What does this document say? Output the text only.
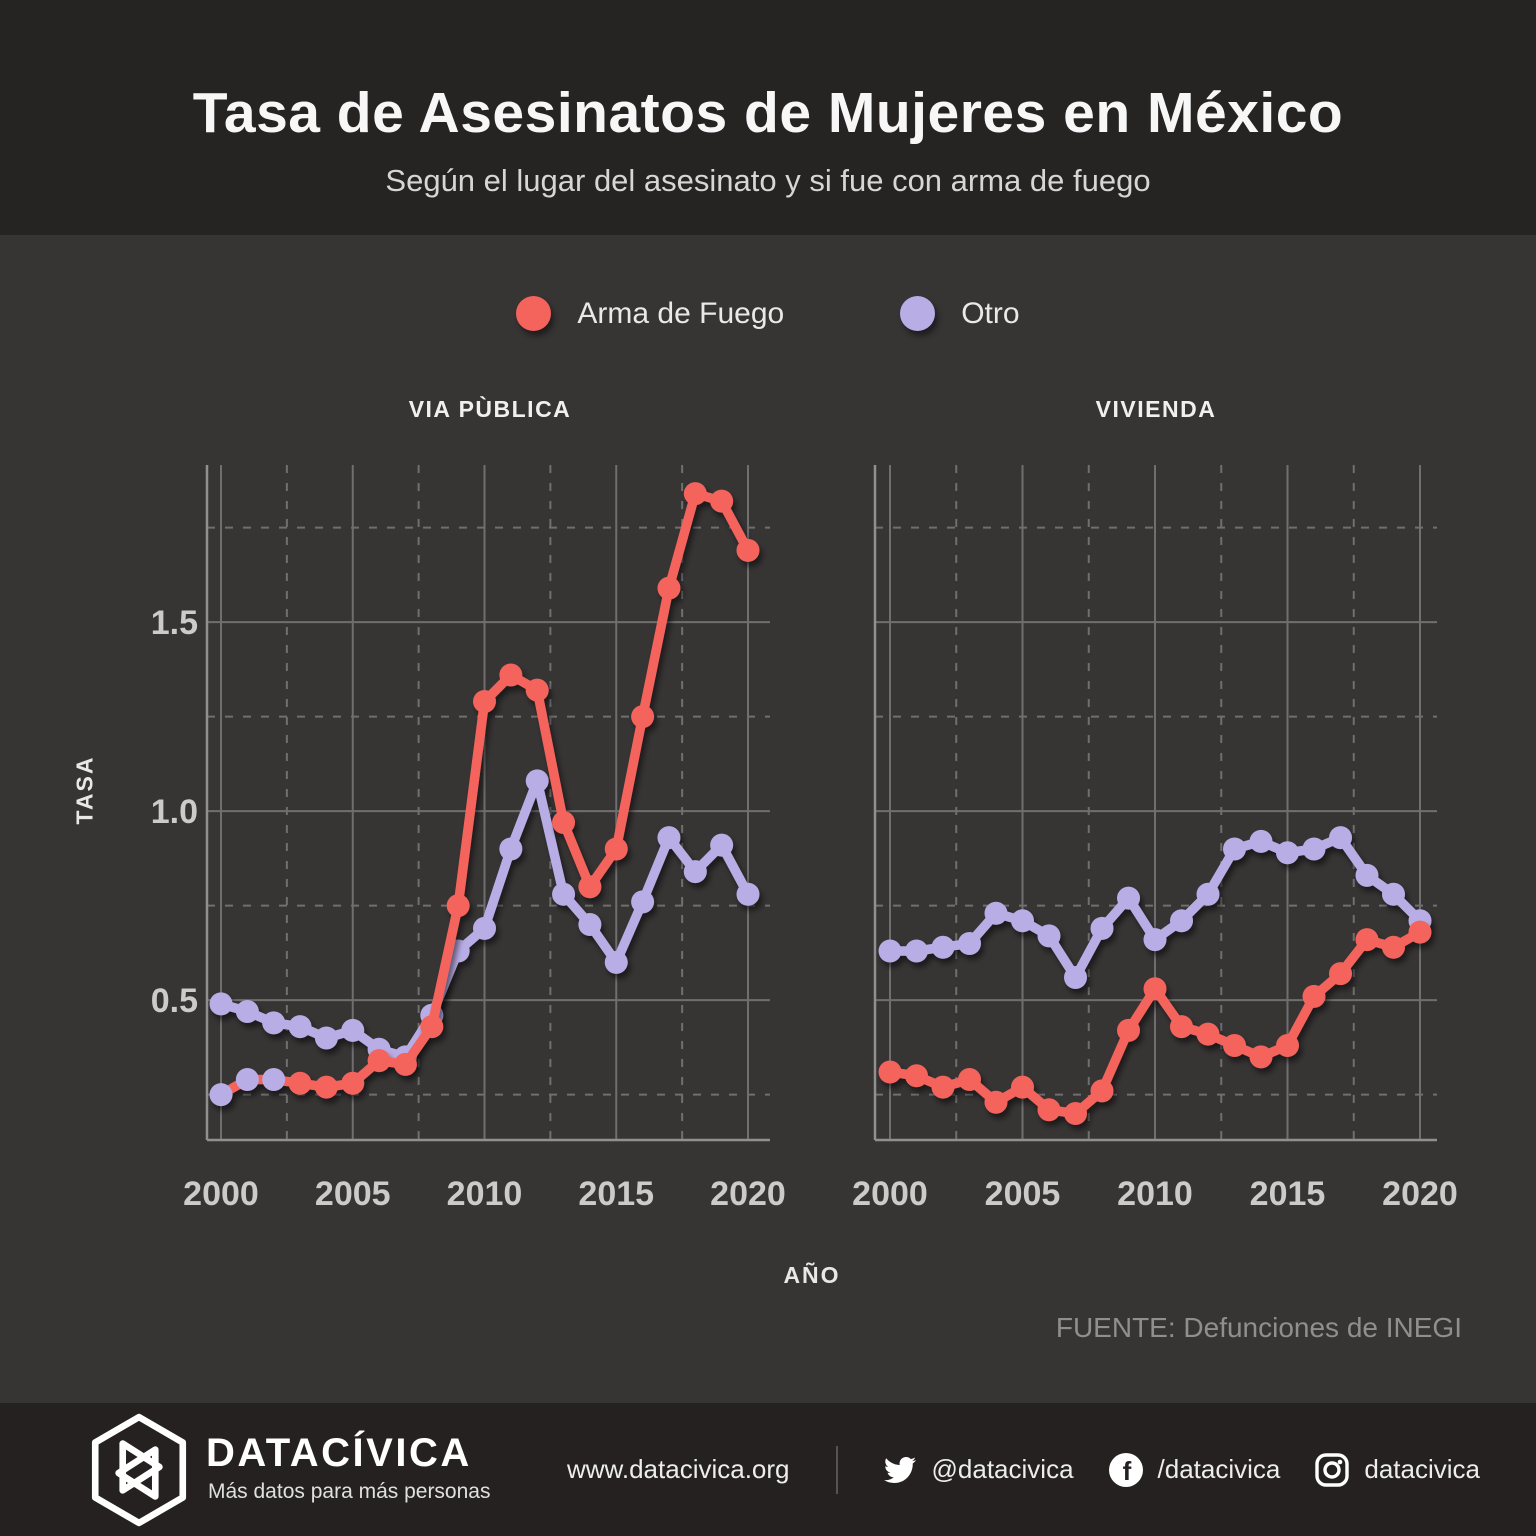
Tasa de Asesinatos de Mujeres en México
Según el lugar del asesinato y si fue con arma de fuego
Arma de Fuego	Otro
VIA PÙBLICA	VIVIENDA
2000 2005 2010 2015 2020 2000 2005 2010 2015 2020
0.5
1.0
1.5
TASA
AÑO
FUENTE: Defunciones de INEGI
DATACÍVICA
Más datos para más personas
www.datacivica.org	@datacivica f /datacivica	datacivica
